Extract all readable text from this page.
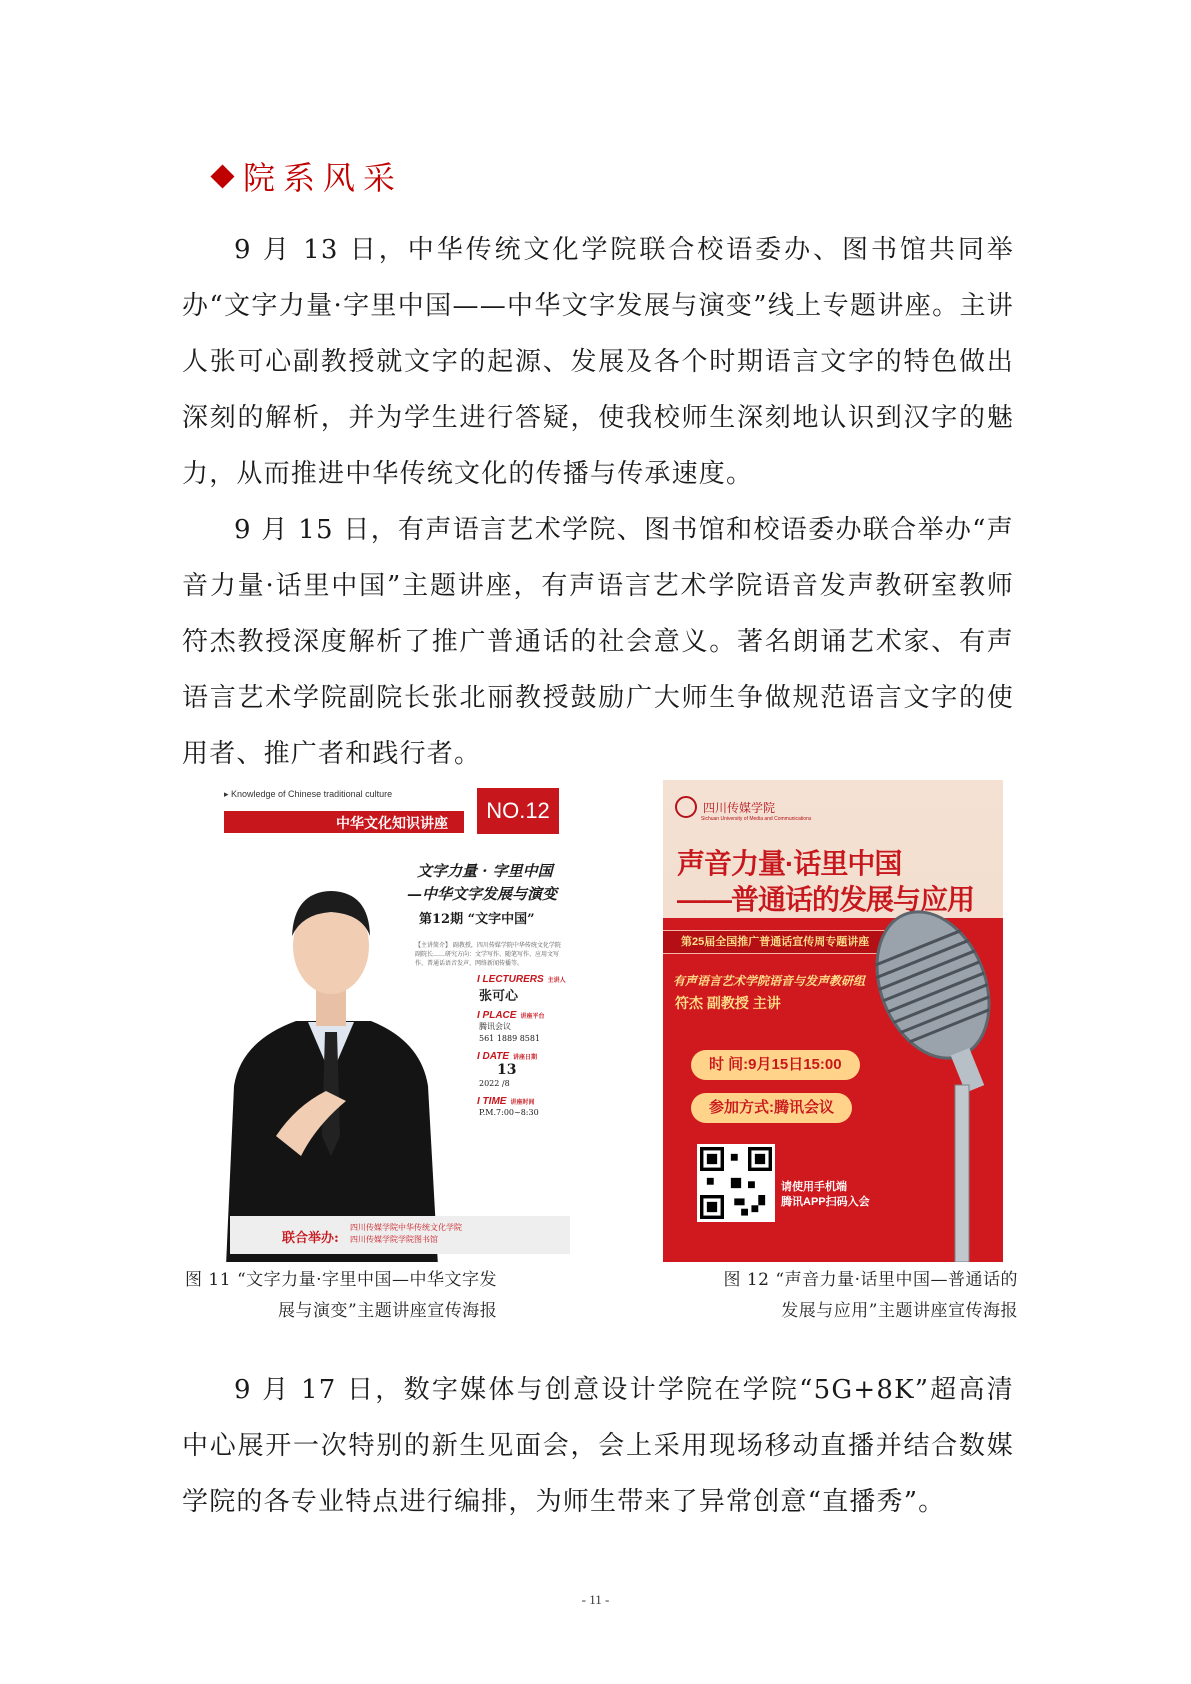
院系风采

9 月 13 日，中华传统文化学院联合校语委办、图书馆共同举办“文字力量·字里中国——中华文字发展与演变”线上专题讲座。主讲人张可心副教授就文字的起源、发展及各个时期语言文字的特色做出深刻的解析，并为学生进行答疑，使我校师生深刻地认识到汉字的魅力，从而推进中华传统文化的传播与传承速度。

9 月 15 日，有声语言艺术学院、图书馆和校语委办联合举办“声音力量·话里中国”主题讲座，有声语言艺术学院语音发声教研室教师符杰教授深度解析了推广普通话的社会意义。著名朗诵艺术家、有声语言艺术学院副院长张北丽教授鼓励广大师生争做规范语言文字的使用者、推广者和践行者。

▸ Knowledge of Chinese traditional culture
中华文化知识讲座
NO.12
文字力量 · 字里中国
—中华文字发展与演变
第12期 “文字中国”
【主讲简介】 副教授，四川传媒学院中华传统文化学院副院长……研究方向：文学写作、随笔写作、应用文写作、普通话语音发声、网络新闻传播等。
I LECTURERS 主讲人
张可心
I PLACE 讲座平台
腾讯会议
561 1889 8581
I DATE 讲座日期
13
2022 /8
I TIME 讲座时间
P.M.7:00~8:30
联合举办:
四川传媒学院中华传统文化学院
四川传媒学院学院图书馆
四川传媒学院
Sichuan University of Media and Communications
声音力量·话里中国
——普通话的发展与应用
第25届全国推广普通话宣传周专题讲座
有声语言艺术学院语音与发声教研组
符杰 副教授 主讲
时 间:9月15日15:00
参加方式:腾讯会议
请使用手机端
腾讯APP扫码入会
图 11 “文字力量·字里中国—中华文字发
展与演变”主题讲座宣传海报
图 12 “声音力量·话里中国—普通话的
发展与应用”主题讲座宣传海报

9 月 17 日，数字媒体与创意设计学院在学院“5G+8K”超高清中心展开一次特别的新生见面会，会上采用现场移动直播并结合数媒学院的各专业特点进行编排，为师生带来了异常创意“直播秀”。

- 11 -
